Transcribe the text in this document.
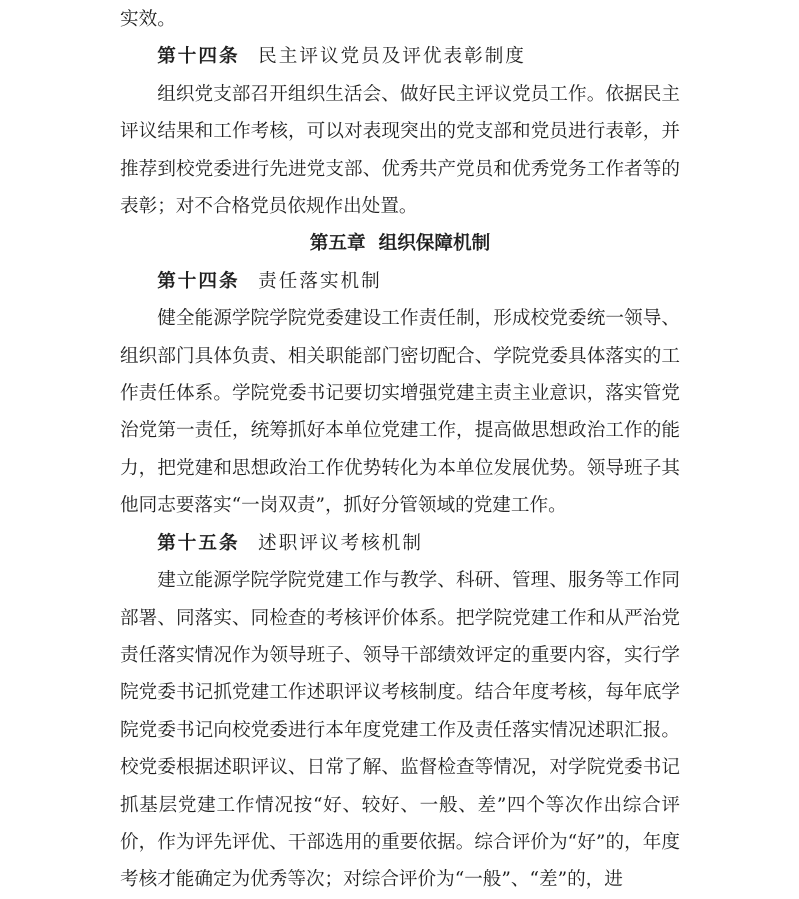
实效。

第十四条 民主评议党员及评优表彰制度

组织党支部召开组织生活会、做好民主评议党员工作。依据民主评议结果和工作考核，可以对表现突出的党支部和党员进行表彰，并推荐到校党委进行先进党支部、优秀共产党员和优秀党务工作者等的表彰；对不合格党员依规作出处置。

第五章 组织保障机制

第十四条 责任落实机制

健全能源学院学院党委建设工作责任制，形成校党委统一领导、组织部门具体负责、相关职能部门密切配合、学院党委具体落实的工作责任体系。学院党委书记要切实增强党建主责主业意识，落实管党治党第一责任，统筹抓好本单位党建工作，提高做思想政治工作的能力，把党建和思想政治工作优势转化为本单位发展优势。领导班子其他同志要落实“一岗双责”，抓好分管领域的党建工作。

第十五条 述职评议考核机制

建立能源学院学院党建工作与教学、科研、管理、服务等工作同部署、同落实、同检查的考核评价体系。把学院党建工作和从严治党责任落实情况作为领导班子、领导干部绩效评定的重要内容，实行学院党委书记抓党建工作述职评议考核制度。结合年度考核，每年底学院党委书记向校党委进行本年度党建工作及责任落实情况述职汇报。校党委根据述职评议、日常了解、监督检查等情况，对学院党委书记抓基层党建工作情况按“好、较好、一般、差”四个等次作出综合评价，作为评先评优、干部选用的重要依据。综合评价为“好”的，年度考核才能确定为优秀等次；对综合评价为“一般”、“差”的，进
